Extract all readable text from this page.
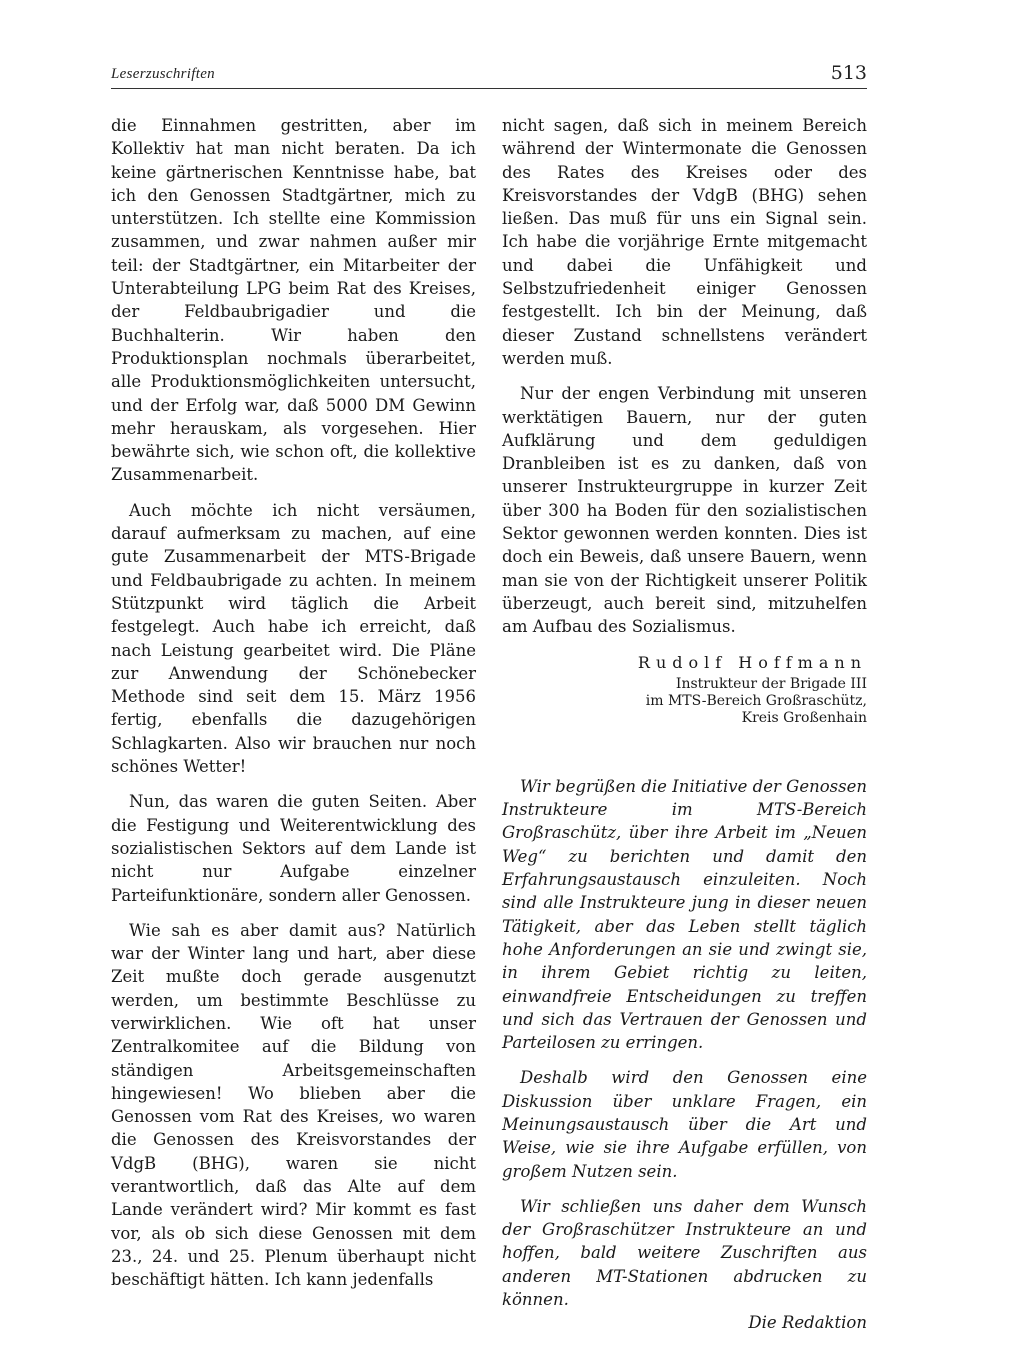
Leserzuschriften	513

die Einnahmen gestritten, aber im Kollektiv hat man nicht beraten. Da ich keine gärtnerischen Kenntnisse habe, bat ich den Genossen Stadtgärtner, mich zu unterstützen. Ich stellte eine Kommission zusammen, und zwar nahmen außer mir teil: der Stadtgärtner, ein Mitarbeiter der Unterabteilung LPG beim Rat des Kreises, der Feldbaubrigadier und die Buchhalterin. Wir haben den Produktionsplan nochmals überarbeitet, alle Produktionsmöglichkeiten untersucht, und der Erfolg war, daß 5000 DM Gewinn mehr herauskam, als vorgesehen. Hier bewährte sich, wie schon oft, die kollektive Zusammenarbeit.

Auch möchte ich nicht versäumen, darauf aufmerksam zu machen, auf eine gute Zusammenarbeit der MTS-Brigade und Feldbaubrigade zu achten. In meinem Stützpunkt wird täglich die Arbeit festgelegt. Auch habe ich erreicht, daß nach Leistung gearbeitet wird. Die Pläne zur Anwendung der Schönebecker Methode sind seit dem 15. März 1956 fertig, ebenfalls die dazugehörigen Schlagkarten. Also wir brauchen nur noch schönes Wetter!

Nun, das waren die guten Seiten. Aber die Festigung und Weiterentwicklung des sozialistischen Sektors auf dem Lande ist nicht nur Aufgabe einzelner Parteifunktionäre, sondern aller Genossen.

Wie sah es aber damit aus? Natürlich war der Winter lang und hart, aber diese Zeit mußte doch gerade ausgenutzt werden, um bestimmte Beschlüsse zu verwirklichen. Wie oft hat unser Zentralkomitee auf die Bildung von ständigen Arbeitsgemeinschaften hingewiesen! Wo blieben aber die Genossen vom Rat des Kreises, wo waren die Genossen des Kreisvorstandes der VdgB (BHG), waren sie nicht verantwortlich, daß das Alte auf dem Lande verändert wird? Mir kommt es fast vor, als ob sich diese Genossen mit dem 23., 24. und 25. Plenum überhaupt nicht beschäftigt hätten. Ich kann jedenfalls

nicht sagen, daß sich in meinem Bereich während der Wintermonate die Genossen des Rates des Kreises oder des Kreisvorstandes der VdgB (BHG) sehen ließen. Das muß für uns ein Signal sein. Ich habe die vorjährige Ernte mitgemacht und dabei die Unfähigkeit und Selbstzufriedenheit einiger Genossen festgestellt. Ich bin der Meinung, daß dieser Zustand schnellstens verändert werden muß.

Nur der engen Verbindung mit unseren werktätigen Bauern, nur der guten Aufklärung und dem geduldigen Dranbleiben ist es zu danken, daß von unserer Instrukteurgruppe in kurzer Zeit über 300 ha Boden für den sozialistischen Sektor gewonnen werden konnten. Dies ist doch ein Beweis, daß unsere Bauern, wenn man sie von der Richtigkeit unserer Politik überzeugt, auch bereit sind, mitzuhelfen am Aufbau des Sozialismus.

Rudolf Hoffmann
Instrukteur der Brigade III
im MTS-Bereich Großraschütz,
Kreis Großenhain

Wir begrüßen die Initiative der Genossen Instrukteure im MTS-Bereich Großraschütz, über ihre Arbeit im „Neuen Weg“ zu berichten und damit den Erfahrungsaustausch einzuleiten. Noch sind alle Instrukteure jung in dieser neuen Tätigkeit, aber das Leben stellt täglich hohe Anforderungen an sie und zwingt sie, in ihrem Gebiet richtig zu leiten, einwandfreie Entscheidungen zu treffen und sich das Vertrauen der Genossen und Parteilosen zu erringen.

Deshalb wird den Genossen eine Diskussion über unklare Fragen, ein Meinungsaustausch über die Art und Weise, wie sie ihre Aufgabe erfüllen, von großem Nutzen sein.

Wir schließen uns daher dem Wunsch der Großraschützer Instrukteure an und hoffen, bald weitere Zuschriften aus anderen MT-Stationen abdrucken zu können.
Die Redaktion
